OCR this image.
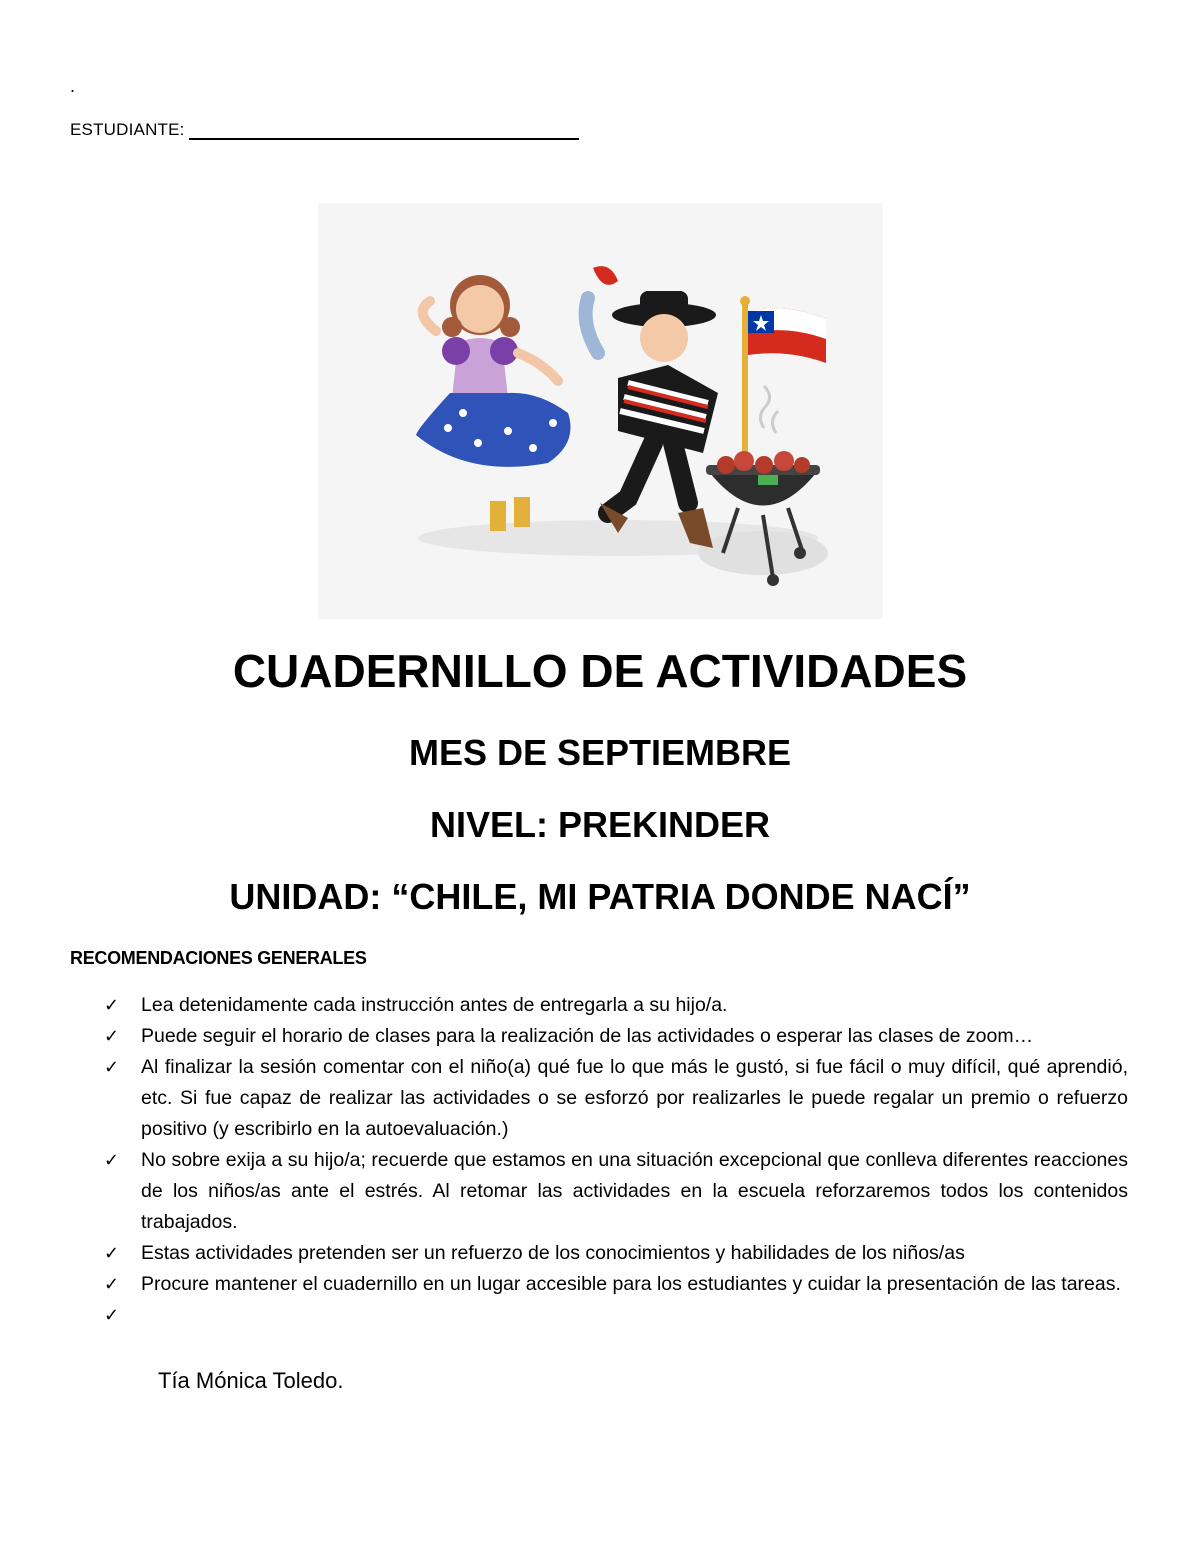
.
ESTUDIANTE:
CUADERNILLO DE ACTIVIDADES
MES DE SEPTIEMBRE
NIVEL: PREKINDER
UNIDAD: “CHILE, MI PATRIA DONDE NACÍ”
RECOMENDACIONES GENERALES
✓ Lea detenidamente cada instrucción antes de entregarla a su hijo/a.
✓ Puede seguir el horario de clases para la realización de las actividades o esperar las clases de zoom…
✓ Al finalizar la sesión comentar con el niño(a) qué fue lo que más le gustó, si fue fácil o muy difícil, qué aprendió, etc. Si fue capaz de realizar las actividades o se esforzó por realizarles le puede regalar un premio o refuerzo positivo (y escribirlo en la autoevaluación.)
✓ No sobre exija a su hijo/a; recuerde que estamos en una situación excepcional que conlleva diferentes reacciones de los niños/as ante el estrés. Al retomar las actividades en la escuela reforzaremos todos los contenidos trabajados.
✓ Estas actividades pretenden ser un refuerzo de los conocimientos y habilidades de los niños/as
✓ Procure mantener el cuadernillo en un lugar accesible para los estudiantes y cuidar la presentación de las tareas.
✓
Tía Mónica Toledo.
